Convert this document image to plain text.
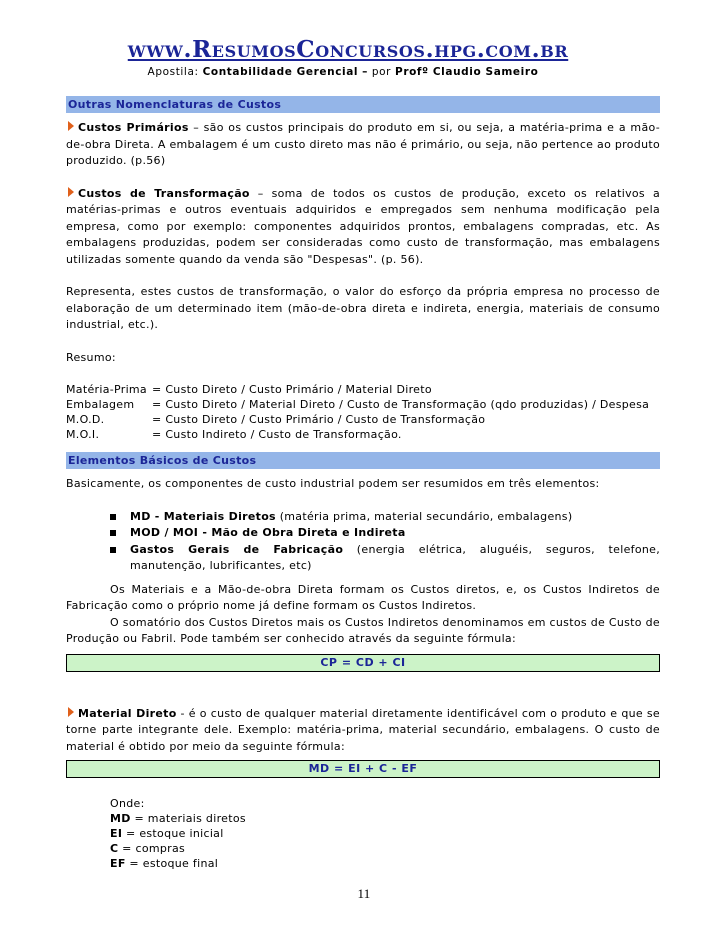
www.ResumosConcursos.hpg.com.br
Apostila: Contabilidade Gerencial – por Profº Claudio Sameiro
Outras Nomenclaturas de Custos

Custos Primários – são os custos principais do produto em si, ou seja, a matéria-prima e a mão-de-obra Direta. A embalagem é um custo direto mas não é primário, ou seja, não pertence ao produto produzido. (p.56)

Custos de Transformação – soma de todos os custos de produção, exceto os relativos a matérias-primas e outros eventuais adquiridos e empregados sem nenhuma modificação pela empresa, como por exemplo: componentes adquiridos prontos, embalagens compradas, etc. As embalagens produzidas, podem ser consideradas como custo de transformação, mas embalagens utilizadas somente quando da venda são "Despesas". (p. 56).

Representa, estes custos de transformação, o valor do esforço da própria empresa no processo de elaboração de um determinado item (mão-de-obra direta e indireta, energia, materiais de consumo industrial, etc.).

Resumo:

Matéria-Prima	= Custo Direto / Custo Primário / Material Direto
Embalagem	= Custo Direto / Material Direto / Custo de Transformação (qdo produzidas) / Despesa
M.O.D.	= Custo Direto / Custo Primário / Custo de Transformação
M.O.I.	= Custo Indireto / Custo de Transformação.
Elementos Básicos de Custos

Basicamente, os componentes de custo industrial podem ser resumidos em três elementos:

MD - Materiais Diretos (matéria prima, material secundário, embalagens)
MOD / MOI - Mão de Obra Direta e Indireta
Gastos Gerais de Fabricação (energia elétrica, aluguéis, seguros, telefone, manutenção, lubrificantes, etc)

Os Materiais e a Mão-de-obra Direta formam os Custos diretos, e, os Custos Indiretos de Fabricação como o próprio nome já define formam os Custos Indiretos.

O somatório dos Custos Diretos mais os Custos Indiretos denominamos em custos de Custo de Produção ou Fabril. Pode também ser conhecido através da seguinte fórmula:

CP = CD + CI

Material Direto - é o custo de qualquer material diretamente identificável com o produto e que se torne parte integrante dele. Exemplo: matéria-prima, material secundário, embalagens. O custo de material é obtido por meio da seguinte fórmula:

MD = EI + C - EF
Onde:
MD = materiais diretos
EI = estoque inicial
C = compras
EF = estoque final
11
